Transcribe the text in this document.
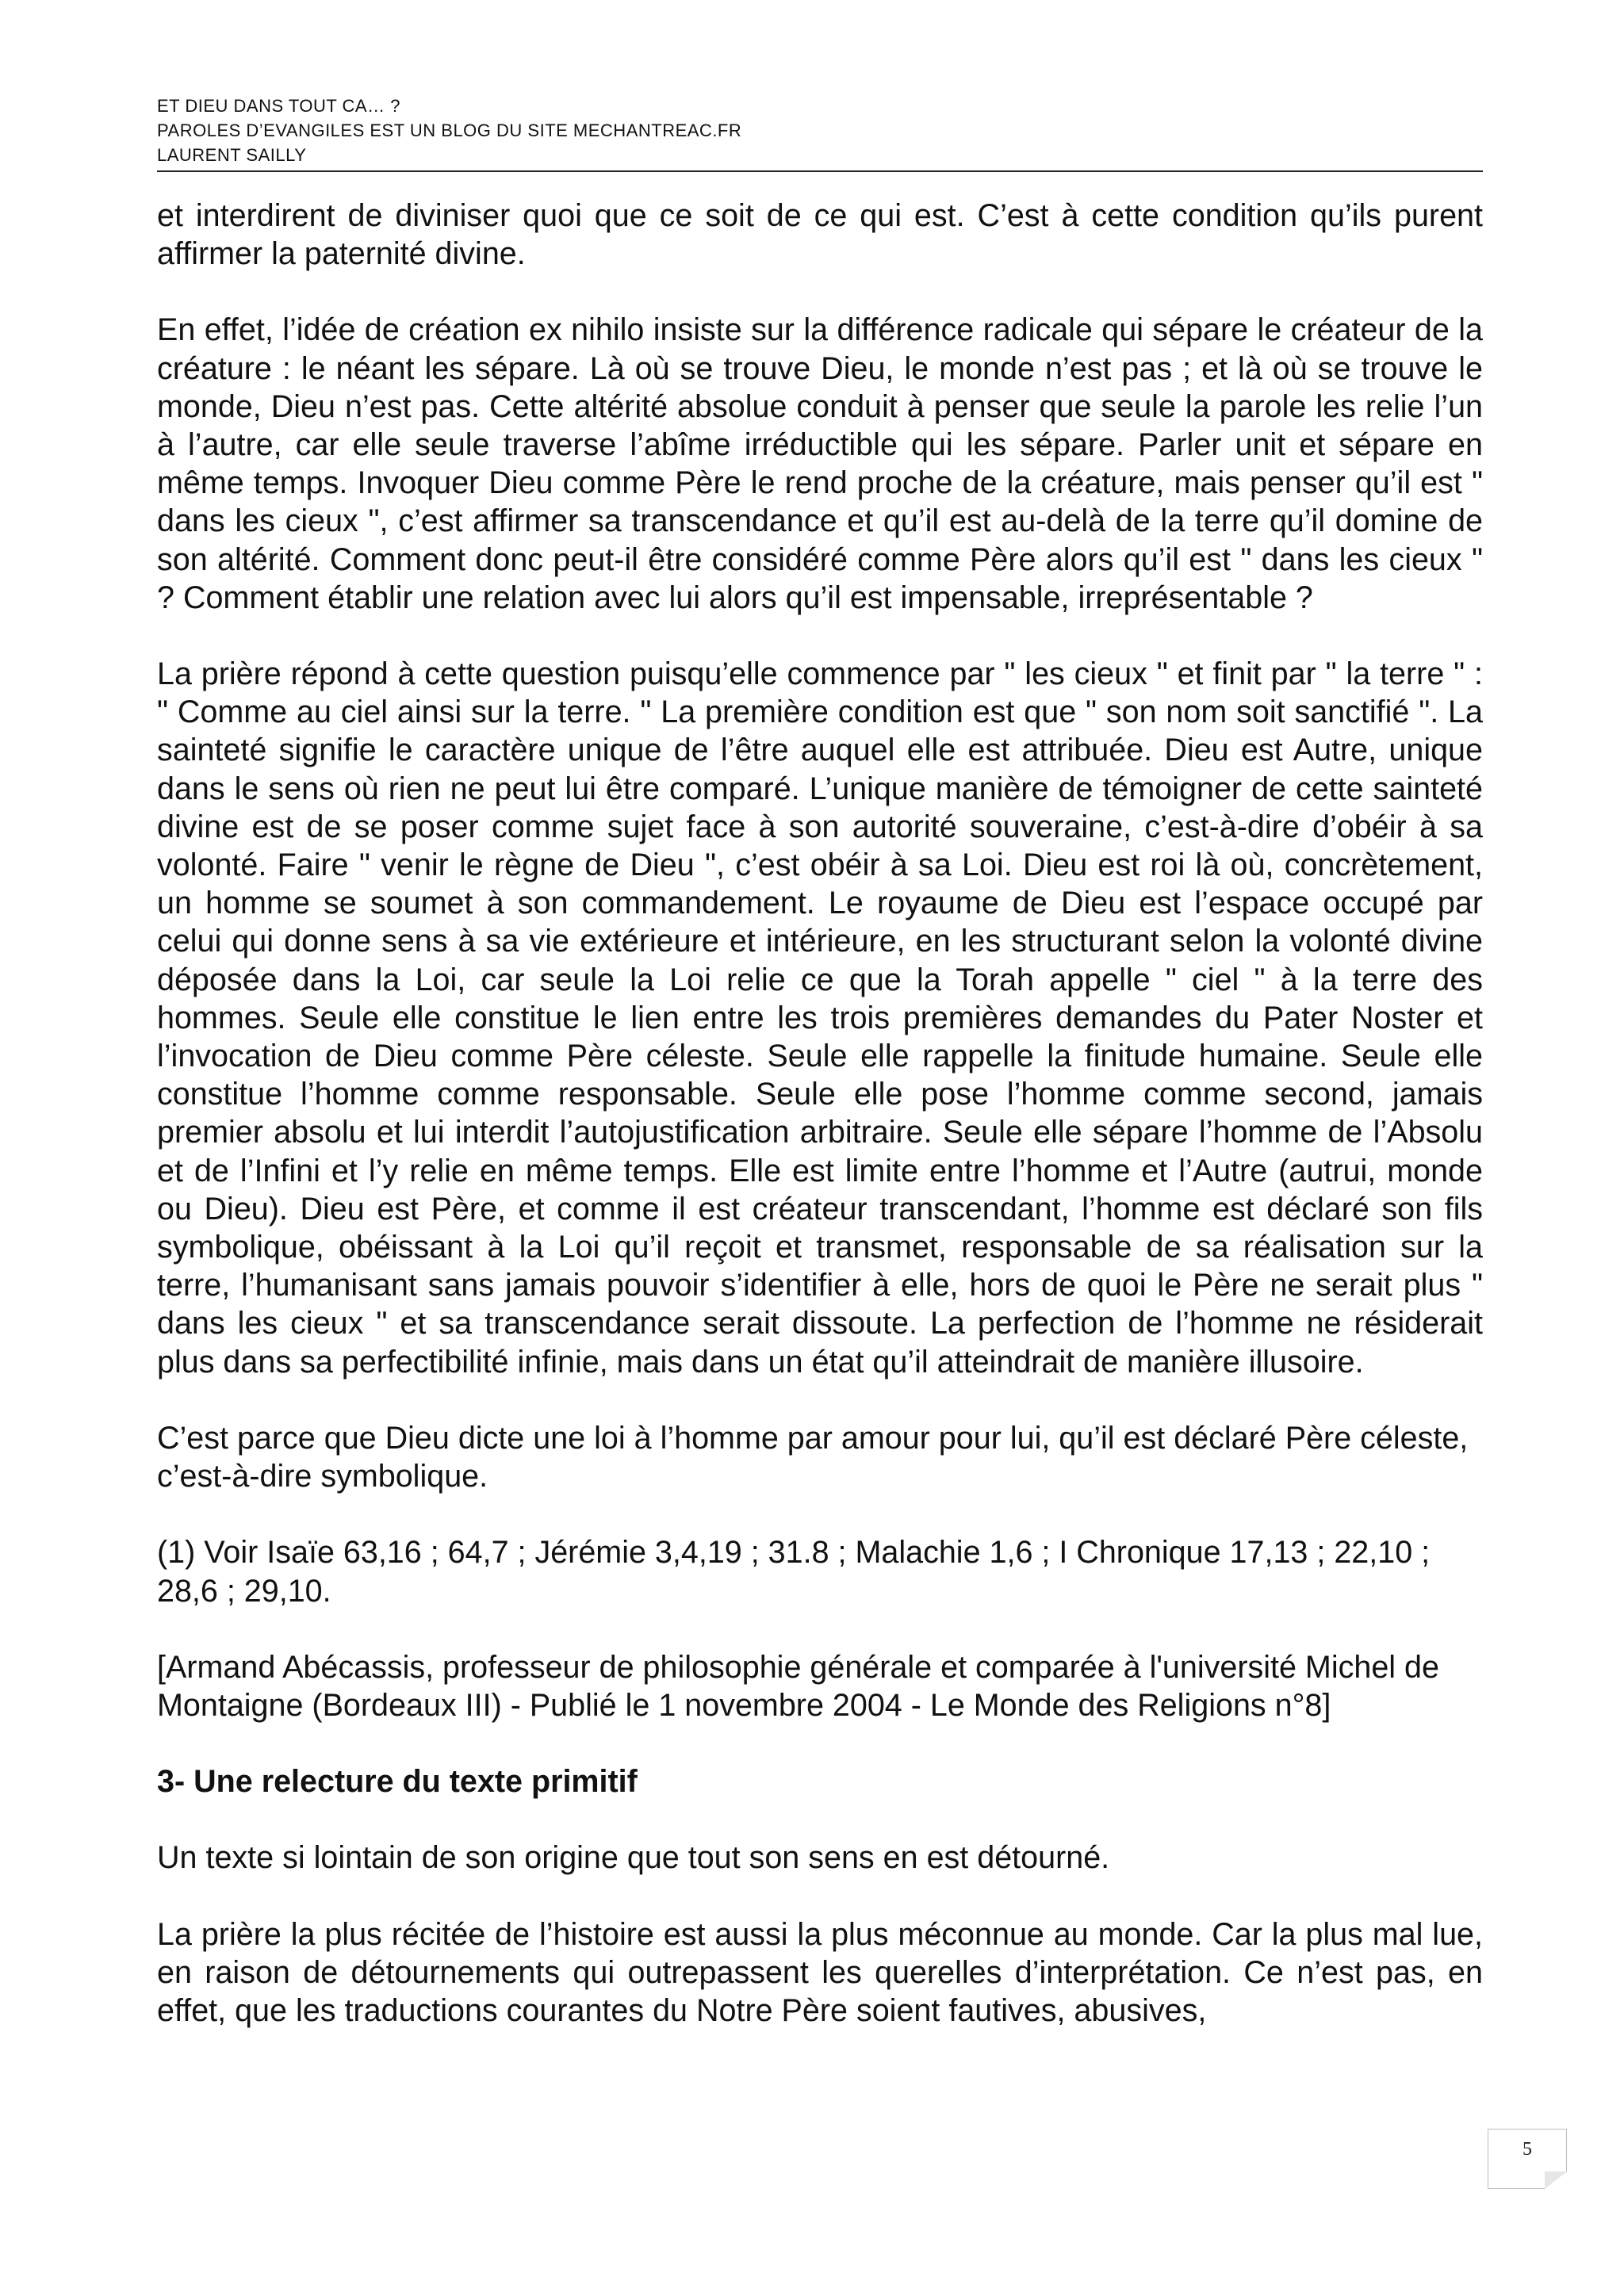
ET DIEU DANS TOUT CA… ?
PAROLES D’EVANGILES EST UN BLOG DU SITE MECHANTREAC.FR
LAURENT SAILLY

et interdirent de diviniser quoi que ce soit de ce qui est. C’est à cette condition qu’ils purent affirmer la paternité divine.

En effet, l’idée de création ex nihilo insiste sur la différence radicale qui sépare le créateur de la créature : le néant les sépare. Là où se trouve Dieu, le monde n’est pas ; et là où se trouve le monde, Dieu n’est pas. Cette altérité absolue conduit à penser que seule la parole les relie l’un à l’autre, car elle seule traverse l’abîme irréductible qui les sépare. Parler unit et sépare en même temps. Invoquer Dieu comme Père le rend proche de la créature, mais penser qu’il est " dans les cieux ", c’est affirmer sa transcendance et qu’il est au-delà de la terre qu’il domine de son altérité. Comment donc peut-il être considéré comme Père alors qu’il est " dans les cieux " ? Comment établir une relation avec lui alors qu’il est impensable, irreprésentable ?

La prière répond à cette question puisqu’elle commence par " les cieux " et finit par " la terre " : " Comme au ciel ainsi sur la terre. " La première condition est que " son nom soit sanctifié ". La sainteté signifie le caractère unique de l’être auquel elle est attribuée. Dieu est Autre, unique dans le sens où rien ne peut lui être comparé. L’unique manière de témoigner de cette sainteté divine est de se poser comme sujet face à son autorité souveraine, c’est-à-dire d’obéir à sa volonté. Faire " venir le règne de Dieu ", c’est obéir à sa Loi. Dieu est roi là où, concrètement, un homme se soumet à son commandement. Le royaume de Dieu est l’espace occupé par celui qui donne sens à sa vie extérieure et intérieure, en les structurant selon la volonté divine déposée dans la Loi, car seule la Loi relie ce que la Torah appelle " ciel " à la terre des hommes. Seule elle constitue le lien entre les trois premières demandes du Pater Noster et l’invocation de Dieu comme Père céleste. Seule elle rappelle la finitude humaine. Seule elle constitue l’homme comme responsable. Seule elle pose l’homme comme second, jamais premier absolu et lui interdit l’autojustification arbitraire. Seule elle sépare l’homme de l’Absolu et de l’Infini et l’y relie en même temps. Elle est limite entre l’homme et l’Autre (autrui, monde ou Dieu). Dieu est Père, et comme il est créateur transcendant, l’homme est déclaré son fils symbolique, obéissant à la Loi qu’il reçoit et transmet, responsable de sa réalisation sur la terre, l’humanisant sans jamais pouvoir s’identifier à elle, hors de quoi le Père ne serait plus " dans les cieux " et sa transcendance serait dissoute. La perfection de l’homme ne résiderait plus dans sa perfectibilité infinie, mais dans un état qu’il atteindrait de manière illusoire.

C’est parce que Dieu dicte une loi à l’homme par amour pour lui, qu’il est déclaré Père céleste, c’est-à-dire symbolique.

(1) Voir Isaïe 63,16 ; 64,7 ; Jérémie 3,4,19 ; 31.8 ; Malachie 1,6 ; I Chronique 17,13 ; 22,10 ; 28,6 ; 29,10.

[Armand Abécassis, professeur de philosophie générale et comparée à l'université Michel de Montaigne (Bordeaux III) - Publié le 1 novembre 2004 - Le Monde des Religions n°8]

3- Une relecture du texte primitif

Un texte si lointain de son origine que tout son sens en est détourné.

La prière la plus récitée de l’histoire est aussi la plus méconnue au monde. Car la plus mal lue, en raison de détournements qui outrepassent les querelles d’interprétation. Ce n’est pas, en effet, que les traductions courantes du Notre Père soient fautives, abusives,

5
